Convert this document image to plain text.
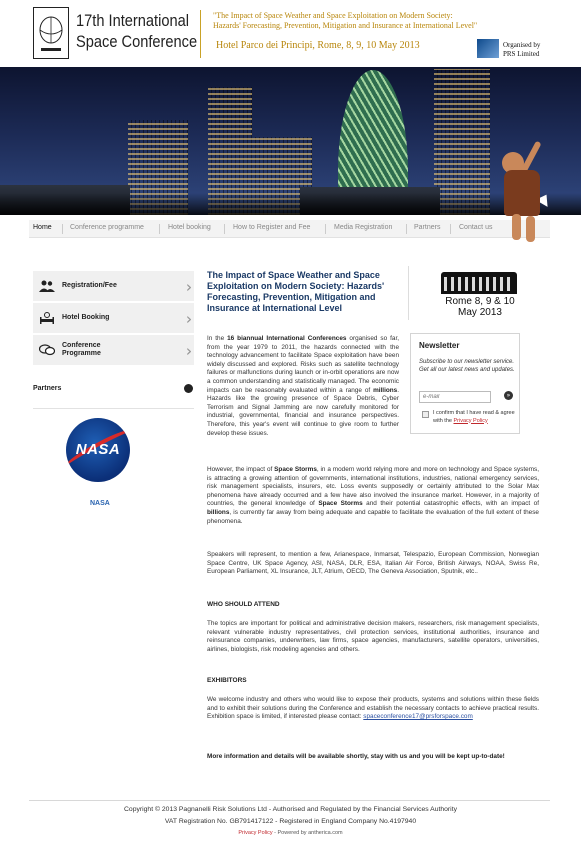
17th International
Space Conference
"The Impact of Space Weather and Space Exploitation on Modern Society:
Hazards' Forecasting, Prevention, Mitigation and Insurance at International Level"
Hotel Parco dei Principi, Rome, 8, 9, 10 May 2013	Organised by
PRS Limited
Home	Conference programme	Hotel booking	How to Register and Fee	Media Registration	Partners	Contact us
Registration/Fee
Hotel Booking
Conference
Programme
Partners
NASA
NASA
The Impact of Space Weather and Space Exploitation on Modern Society: Hazards' Forecasting, Prevention, Mitigation and Insurance at International Level
Rome 8, 9 & 10
May 2013
In the 16 biannual International Conferences organised so far, from the year 1979 to 2011, the hazards connected with the technology advancement to facilitate Space exploitation have been widely discussed and explored. Risks such as satellite technology failures or malfunctions during launch or in-orbit operations are now a common understanding and statistically managed. The economic impacts can be reasonably evaluated within a range of millions. Hazards like the growing presence of Space Debris, Cyber Terrorism and Signal Jamming are now carefully monitored for industrial, governmental, financial and insurance perspectives. Therefore, this year's event will continue to give room to further develop these issues.
Newsletter
Subscribe to our newsletter service. Get all our latest news and updates.
e-mail
»
I confirm that I have read & agree with the Privacy Policy
However, the impact of Space Storms, in a modern world relying more and more on technology and Space systems, is attracting a growing attention of governments, international institutions, industries, national emergency services, risk management specialists, insurers, etc. Loss events supposedly or certainly attributed to the Solar Max phenomena have already occurred and a few have also involved the insurance market. However, in a majority of countries, the general knowledge of Space Storms and their potential catastrophic effects, with an impact of billions, is currently far away from being adequate and capable to facilitate the evaluation of the full extent of these phenomena.
Speakers will represent, to mention a few, Arianespace, Inmarsat, Telespazio, European Commission, Norwegian Space Centre, UK Space Agency, ASI, NASA, DLR, ESA, Italian Air Force, British Airways, NOAA, Swiss Re, European Parliament, XL Insurance, JLT, Atrium, OECD, The Geneva Association, Sputnik, etc..
WHO SHOULD ATTEND
The topics are important for political and administrative decision makers, researchers, risk management specialists, relevant vulnerable industry representatives, civil protection services, institutional authorities, insurance and reinsurance companies, underwriters, law firms, space agencies, manufacturers, satellite operators, universities, airlines, biologists, risk modeling agencies and others.
EXHIBITORS
We welcome industry and others who would like to expose their products, systems and solutions within these fields and to exhibit their solutions during the Conference and establish the necessary contacts to achieve practical results. Exhibition space is limited, if interested please contact: spaceconference17@prsforspace.com
More information and details will be available shortly, stay with us and you will be kept up-to-date!
Copyright © 2013 Pagnanelli Risk Solutions Ltd - Authorised and Regulated by the Financial Services Authority
VAT Registration No. GB791417122 - Registered in England Company No.4197940
Privacy Policy - Powered by antherica.com
